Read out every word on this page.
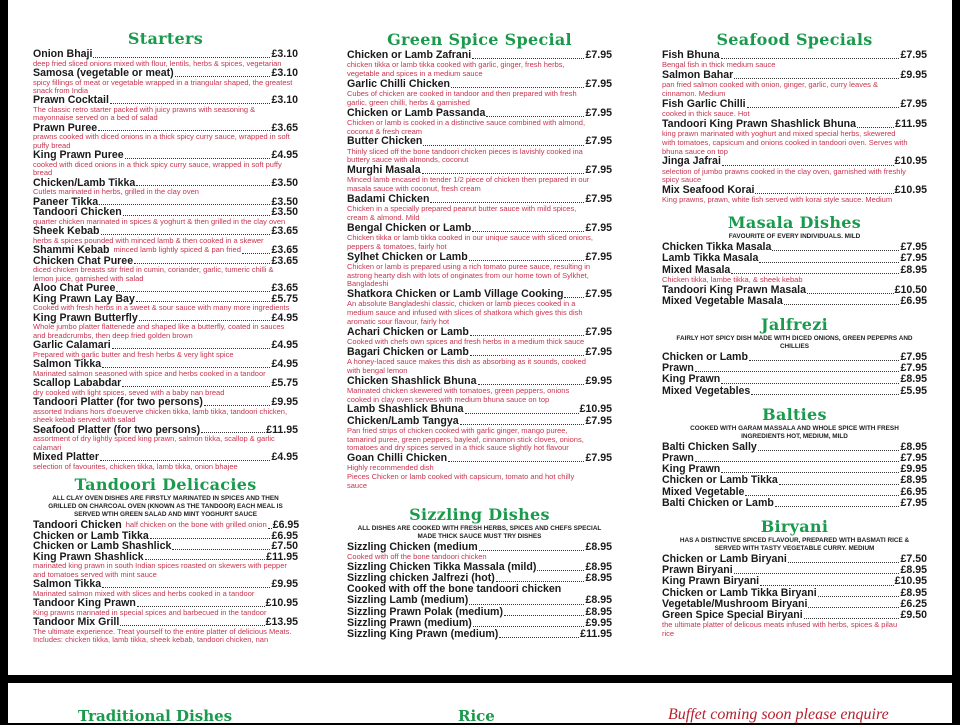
Starters
Onion Bhaji	£3.10
deep fried sliced onions mixed with flour, lentils, herbs & spices, vegetarian
Samosa (vegetable or meat)	£3.10
spicy fillings of meat or vegetable wrapped in a triangular shaped, the greatest snack from India
Prawn Cocktail	£3.10
The classic retro starter packed with juicy prawns with seasoning & mayonnaise served on a bed of salad
Prawn Puree	£3.65
prawns cooked with diced onions in a thick spicy curry sauce, wrapped in soft puffy bread
King Prawn Puree	£4.95
cooked with diced onions in a thick spicy curry sauce, wrapped in soft puffy bread
Chicken/Lamb Tikka	£3.50
Cutlets marinated in herbs, grilled in the clay oven
Paneer Tikka	£3.50
Tandoori Chicken	£3.50
quarter chicken marinated in spices & yoghurt & then grilled in the clay oven
Sheek Kebab	£3.65
herbs & spices pounded with minced lamb & then cooked in a skewer
Shammi Kebab minced lamb lightly spiced & pan fried	£3.65
Chicken Chat Puree	£3.65
diced chicken breasts stir fried in cumin, coriander, garlic, tumeric chilli & lemon juice, garnished with salad
Aloo Chat Puree	£3.65
King Prawn Lay Bay	£5.75
Cooked with fresh herbs in a sweet & sour sauce with many more ingredients
King Prawn Butterfly	£4.95
Whole jumbo platter flattenede and shaped like a butterfly, coated in sauces and breadcrumbs, then deep fried golden brown
Garlic Calamari	£4.95
Prepared with garlic butter and fresh herbs & very light spice
Salmon Tikka	£4.95
Marinated salmon seasoned with spice and herbs cooked in a tandoor
Scallop Lababdar	£5.75
dry cooked with light spices, seved with a baby nan bread
Tandoori Platter (for two persons)	£9.95
assorted Indians hors d'oeuverve chicken tikka, lamb tikka, tandoori chicken, sheek kebab served with salad
Seafood Platter (for two persons)	£11.95
assortment of dry lightly spiced king prawn, salmon tikka, scallop & garlic calamari
Mixed Platter	£4.95
selection of favourites, chicken tikka, lamb tikka, onion bhajee
Tandoori Delicacies
ALL CLAY OVEN DISHES ARE FIRSTLY MARINATED IN SPICES AND THEN GRILLED ON CHARCOAL OVEN (KNOWN AS THE TANDOOR) EACH MEAL IS SERVED WTIH GREEN SALAD AND MINT YOGHURT SAUCE
Tandoori Chicken half chicken on the bone with grilled onion £6.95
Chicken or Lamb Tikka	£6.95
Chicken or Lamb Shashlick	£7.50
King Prawn Shashlick	£11.95
marinated king prawn in south Indian spices roasted on skewers with pepper and tomatoes served with mint sauce
Salmon Tikka	£9.95
Marinated salmon mixed with slices and herbs cooked in a tandoor
Tandoor King Prawn	£10.95
King prawns marinated in special spices and barbecued in the tandoor
Tandoor Mix Grill	£13.95
The ultimate experience. Treat yourself to the entire platter of delicious Meats. Includes: chicken tikka, lamb tikka, sheek kebab, tandoori chicken, nan
Green Spice Special
Chicken or Lamb Zafrani	£7.95
chicken tikka or lamb tikka cooked with garlic, ginger, fresh herbs, vegetable and spices in a medium sauce
Garlic Chilli Chicken	£7.95
Cubes of chicken are cooked in tandoor and then prepared with fresh garlic, green chilli, herbs & garnished
Chicken or Lamb Passanda	£7.95
Chicken or lamb is cooked in a distinctive sauce combined with almond, coconut & fresh cream
Butter Chicken	£7.95
Thinly sliced off the bone tandoori chicken pieces is lavishly cooked ina buttery sauce with almonds, coconut
Murghi Masala	£7.95
Minced lamb encased in tender 1/2 piece of chicken then prepared in our masala sauce with coconut, fresh cream
Badami Chicken	£7.95
Chicken in a specially prepared peanut butter sauce with mild spices, cream & almond. Mild
Bengal Chicken or Lamb	£7.95
Chicken tikka or lamb tikka cooked in our unique sauce with sliced onions, peppers & tomatoes, fairly hot
Sylhet Chicken or Lamb	£7.95
Chicken or lamb is prepared using a rich tomato puree sauce, resulting in astrong hearty dish with lots of onginates from our home town of Sylkhet, Bangladeshi
Shatkora Chicken or Lamb Village Cooking £7.95
An absolute Bangladeshi classic, chicken or lamb pieces cooked in a medium sauce and infused with slices of shatkora which gives this dish aromatic sour flavour, fairly hot
Achari Chicken or Lamb	£7.95
Cooked with chefs own spices and fresh herbs in a medium thick sauce
Bagari Chicken or Lamb	£7.95
A honey-laced sauce makes this dish as absorbing as it sounds, cooked with bengal lemon
Chicken Shashlick Bhuna	£9.95
Marinated chicken skewered with tomatoes, green peppers, onions cooked in clay oven serves with medium bhuna sauce on top
Lamb Shashlick Bhuna	£10.95
Chicken/Lamb Tangya	£7.95
Pan fried strips of chicken cooked with garlic ginger, mango puree, tamarind puree, green peppers, bayleaf, cinnamon stick cloves, onions, tomatoes and dry spices served in a thick sauce slightly hot flavour
Goan Chilli Chicken	£7.95
Highly recommended dish
Pieces Chicken or lamb cooked with capsicum, tomato and hot chilly sauce
Sizzling Dishes
ALL DISHES ARE COOKED WITH FRESH HERBS, SPICES AND CHEFS SPECIAL MADE THICK SAUCE MUST TRY DISHES
Sizzling Chicken (medium	£8.95
Cooked with off the bone tandoori chicken
Sizzling Chicken Tikka Massala (mild)	£8.95
Sizzling chicken Jalfrezi (hot)	£8.95
Cooked with off the bone tandoori chicken
Sizzling Lamb (medium)	£8.95
Sizzling Prawn Polak (medium)	£8.95
Sizzling Prawn (medium)	£9.95
Sizzling King Prawn (medium)	£11.95
Seafood Specials
Fish Bhuna	£7.95
Bengal fish in thick medium sauce
Salmon Bahar	£9.95
pan fried salmon cooked with onion, ginger, garlic, curry leaves & cinnamon. Medium
Fish Garlic Chilli	£7.95
cooked in thick sauce. Hot
Tandoori King Prawn Shashlick Bhuna	£11.95
king prawn marinated with yoghurt and mixed special herbs, skewered with tomatoes, capsicum and onions cooked in tandoori oven. Serves with bhuna sauce on top
Jinga Jafrai	£10.95
selection of jumbo prawns cooked in the clay oven, garnished with freshly spicy sauce
Mix Seafood Korai	£10.95
King prawns, prawn, white fish served with korai style sauce. Medium
Masala Dishes
FAVOURITE OF EVERY INDIVIDUALS. MILD
Chicken Tikka Masala	£7.95
Lamb Tikka Masala	£7.95
Mixed Masala	£8.95
Chicken tikka, lambe tikka, & sheek kebab
Tandoori King Prawn Masala	£10.50
Mixed Vegetable Masala	£6.95
Jalfrezi
FAIRLY HOT SPICY DISH MADE WITH DICED ONIONS, GREEN PEPEPRS AND CHILLIES
Chicken or Lamb	£7.95
Prawn	£7.95
King Prawn	£8.95
Mixed Vegetables	£5.95
Balties
COOKED WITH GARAM MASSALA AND WHOLE SPICE WITH FRESH INGREDIENTS HOT, MEDIUM, MILD
Balti Chicken Sally	£8.95
Prawn	£7.95
King Prawn	£9.95
Chicken or Lamb Tikka	£8.95
Mixed Vegetable	£6.95
Balti Chicken or Lamb	£7.95
Biryani
HAS A DISTINCTIVE SPICED FLAVOUR, PREPARED WITH BASMATI RICE & SERVED WITH TASTY VEGETABLE CURRY. MEDIUM
Chicken or Lamb Biryani	£7.50
Prawn Biryani	£8.95
King Prawn Biryani	£10.95
Chicken or Lamb Tikka Biryani	£8.95
Vegetable/Mushroom Biryani	£6.25
Green Spice Special Biryani	£9.50
the ultimate platter of delicous meats infused with herbs, spices & pilau rice
Traditional Dishes	Rice	Buffet coming soon please enquire
